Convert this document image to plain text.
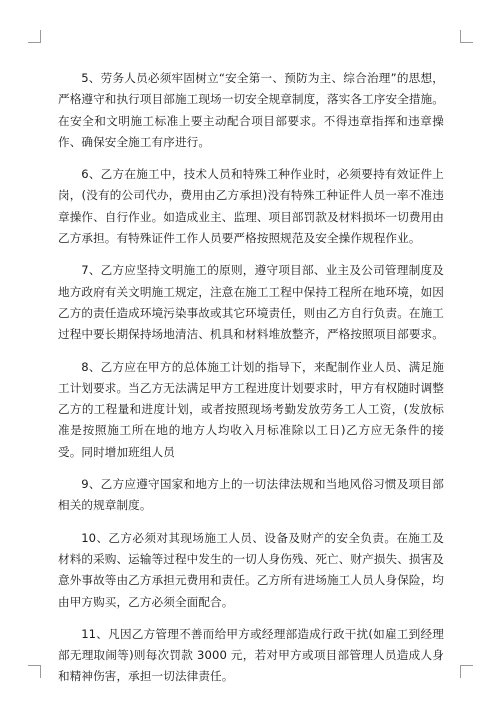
5、劳务人员必须牢固树立“安全第一、预防为主、综合治理”的思想，严格遵守和执行项目部施工现场一切安全规章制度，落实各工序安全措施。在安全和文明施工标准上要主动配合项目部要求。不得违章指挥和违章操作、确保安全施工有序进行。

6、乙方在施工中，技术人员和特殊工种作业时，必须要持有效证件上岗，(没有的公司代办，费用由乙方承担)没有特殊工种证件人员一率不准违章操作、自行作业。如造成业主、监理、项目部罚款及材料损坏一切费用由乙方承担。有特殊证件工作人员要严格按照规范及安全操作规程作业。

7、乙方应坚持文明施工的原则，遵守项目部、业主及公司管理制度及地方政府有关文明施工规定，注意在施工工程中保持工程所在地环境，如因乙方的责任造成环境污染事故或其它环境责任，则由乙方自行负责。在施工过程中要长期保持场地清洁、机具和材料堆放整齐，严格按照项目部要求。

8、乙方应在甲方的总体施工计划的指导下，来配制作业人员、满足施工计划要求。当乙方无法满足甲方工程进度计划要求时，甲方有权随时调整乙方的工程量和进度计划，或者按照现场考勤发放劳务工人工资，(发放标准是按照施工所在地的地方人均收入月标准除以工日)乙方应无条件的接受。同时增加班组人员

9、乙方应遵守国家和地方上的一切法律法规和当地风俗习惯及项目部相关的规章制度。

10、乙方必须对其现场施工人员、设备及财产的安全负责。在施工及材料的采购、运输等过程中发生的一切人身伤残、死亡、财产损失、损害及意外事故等由乙方承担元费用和责任。乙方所有进场施工人员人身保险，均由甲方购买，乙方必须全面配合。

11、凡因乙方管理不善而给甲方或经理部造成行政干扰(如雇工到经理部无理取闹等)则每次罚款 3000 元，若对甲方或项目部管理人员造成人身和精神伤害，承担一切法律责任。
